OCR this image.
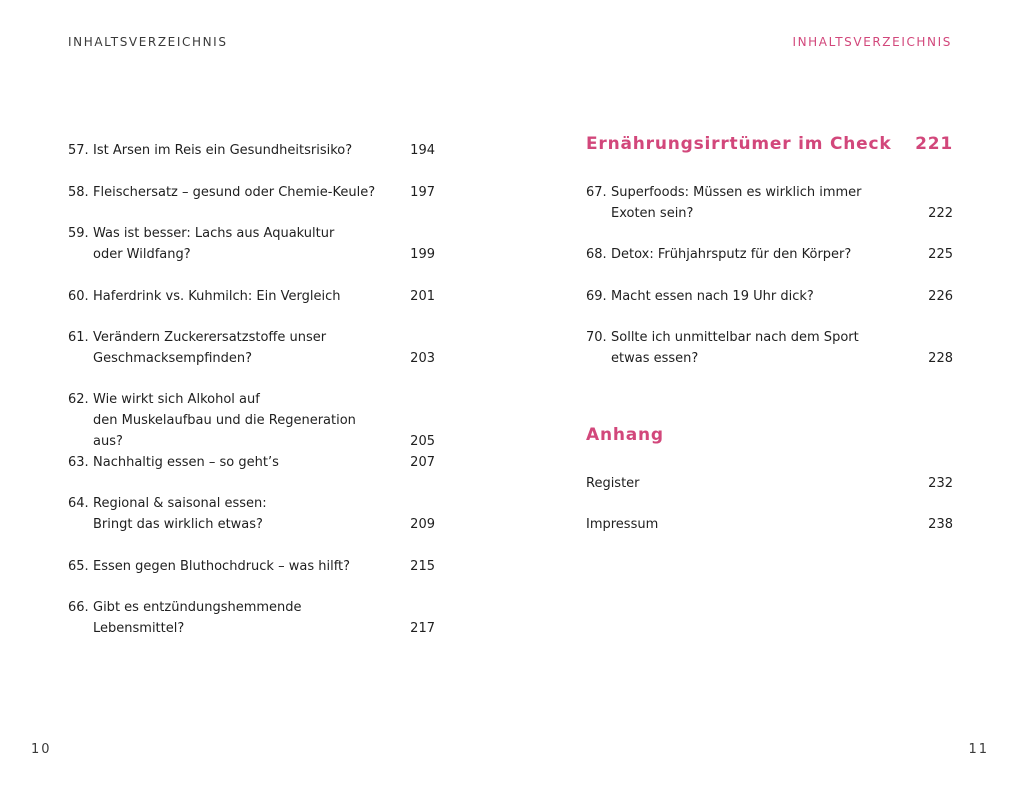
INHALTSVERZEICHNIS
57. Ist Arsen im Reis ein Gesundheitsrisiko?	194
58. Fleischersatz – gesund oder Chemie-Keule?	197
59. Was ist besser: Lachs aus Aquakultur
oder Wildfang?	199
60. Haferdrink vs. Kuhmilch: Ein Vergleich	201
61. Verändern Zuckerersatzstoffe unser
Geschmacksempfinden?	203
62. Wie wirkt sich Alkohol auf
den Muskelaufbau und die Regeneration aus?	205
63. Nachhaltig essen – so geht’s	207
64. Regional & saisonal essen:
Bringt das wirklich etwas?	209
65. Essen gegen Bluthochdruck – was hilft?	215
66. Gibt es entzündungshemmende Lebensmittel?	217
10
INHALTSVERZEICHNIS
Ernährungsirrtümer im Check 221
67. Superfoods: Müssen es wirklich immer
Exoten sein?	222
68. Detox: Frühjahrsputz für den Körper?	225
69. Macht essen nach 19 Uhr dick?	226
70. Sollte ich unmittelbar nach dem Sport
etwas essen?	228
Anhang
Register	232
Impressum	238
11
